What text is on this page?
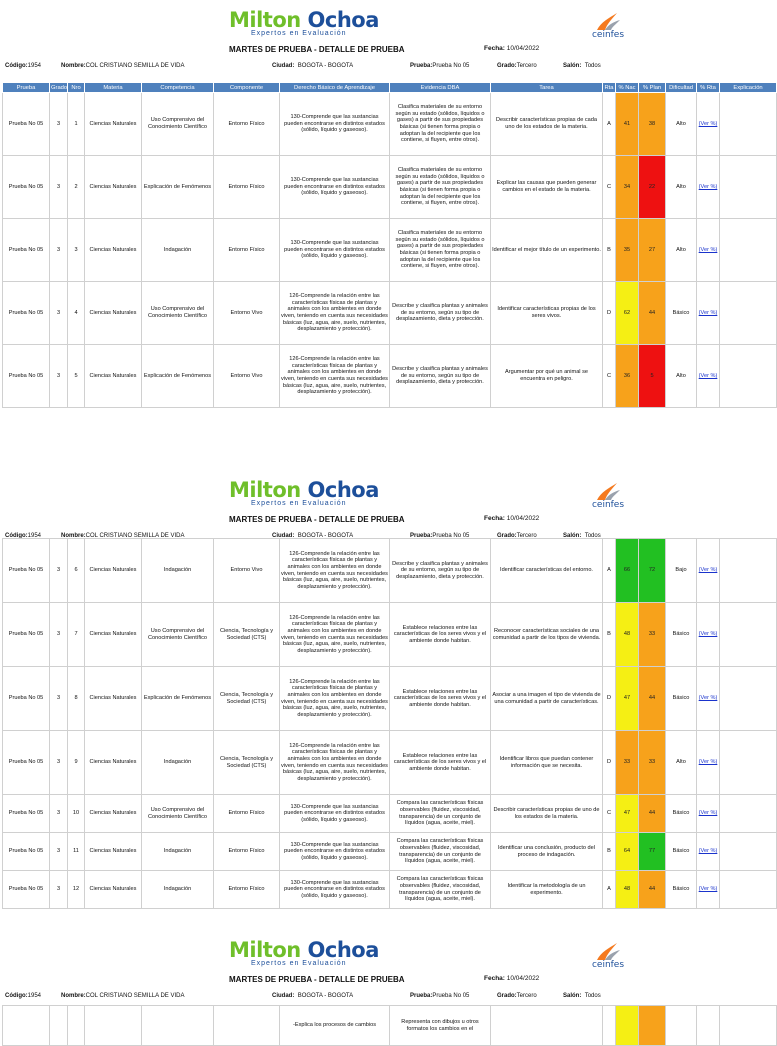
Milton Ochoa
Expertos en Evaluación	ceinfes
MARTES DE PRUEBA - DETALLE DE PRUEBA	Fecha: 10/04/2022
Código: 1954	Nombre: COL CRISTIANO SEMILLA DE VIDA	Ciudad: BOGOTA - BOGOTA	Prueba: Prueba No 05	Grado: Tercero	Salón: Todos
Prueba	Grado	Nro	Materia	Competencia	Componente	Derecho Básico de Aprendizaje	Evidencia DBA	Tarea	Rta	% Nac	% Plan	Dificultad	% Rta	Explicación
Prueba No 05	3	1	Ciencias Naturales	Uso Comprensivo del Conocimiento Científico	Entorno Físico	130-Comprende que las sustancias pueden encontrarse en distintos estados (sólido, líquido y gaseoso).	Clasifica materiales de su entorno según su estado (sólidos, líquidos o gases) a partir de sus propiedades básicas (si tienen forma propia o adoptan la del recipiente que los contiene, si fluyen, entre otros).	Describir características propias de cada uno de los estados de la materia.	A	41	38	Alto	(Ver %)	
Prueba No 05	3	2	Ciencias Naturales	Explicación de Fenómenos	Entorno Físico	130-Comprende que las sustancias pueden encontrarse en distintos estados (sólido, líquido y gaseoso).	Clasifica materiales de su entorno según su estado (sólidos, líquidos o gases) a partir de sus propiedades básicas (si tienen forma propia o adoptan la del recipiente que los contiene, si fluyen, entre otros).	Explicar las causas que pueden generar cambios en el estado de la materia.	C	34	22	Alto	(Ver %)	
Prueba No 05	3	3	Ciencias Naturales	Indagación	Entorno Físico	130-Comprende que las sustancias pueden encontrarse en distintos estados (sólido, líquido y gaseoso).	Clasifica materiales de su entorno según su estado (sólidos, líquidos o gases) a partir de sus propiedades básicas (si tienen forma propia o adoptan la del recipiente que los contiene, si fluyen, entre otros).	Identificar el mejor título de un experimento.	B	35	27	Alto	(Ver %)	
Prueba No 05	3	4	Ciencias Naturales	Uso Comprensivo del Conocimiento Científico	Entorno Vivo	126-Comprende la relación entre las características físicas de plantas y animales con los ambientes en donde viven, teniendo en cuenta sus necesidades básicas (luz, agua, aire, suelo, nutrientes, desplazamiento y protección).	Describe y clasifica plantas y animales de su entorno, según su tipo de desplazamiento, dieta y protección.	Identificar características propias de los seres vivos.	D	62	44	Básico	(Ver %)	
Prueba No 05	3	5	Ciencias Naturales	Explicación de Fenómenos	Entorno Vivo	126-Comprende la relación entre las características físicas de plantas y animales con los ambientes en donde viven, teniendo en cuenta sus necesidades básicas (luz, agua, aire, suelo, nutrientes, desplazamiento y protección).	Describe y clasifica plantas y animales de su entorno, según su tipo de desplazamiento, dieta y protección.	Argumentar por qué un animal se encuentra en peligro.	C	36	5	Alto	(Ver %)	
Milton Ochoa
Expertos en Evaluación	ceinfes
MARTES DE PRUEBA - DETALLE DE PRUEBA	Fecha: 10/04/2022
Código: 1954	Nombre: COL CRISTIANO SEMILLA DE VIDA	Ciudad: BOGOTA - BOGOTA	Prueba: Prueba No 05	Grado: Tercero	Salón: Todos
Prueba No 05	3	6	Ciencias Naturales	Indagación	Entorno Vivo	126-Comprende la relación entre las características físicas de plantas y animales con los ambientes en donde viven, teniendo en cuenta sus necesidades básicas (luz, agua, aire, suelo, nutrientes, desplazamiento y protección).	Describe y clasifica plantas y animales de su entorno, según su tipo de desplazamiento, dieta y protección.	Identificar características del entorno.	A	66	72	Bajo	(Ver %)	
Prueba No 05	3	7	Ciencias Naturales	Uso Comprensivo del Conocimiento Científico	Ciencia, Tecnología y Sociedad (CTS)	126-Comprende la relación entre las características físicas de plantas y animales con los ambientes en donde viven, teniendo en cuenta sus necesidades básicas (luz, agua, aire, suelo, nutrientes, desplazamiento y protección).	Establece relaciones entre las características de los seres vivos y el ambiente donde habitan.	Reconocer características sociales de una comunidad a partir de los tipos de vivienda.	B	48	33	Básico	(Ver %)	
Prueba No 05	3	8	Ciencias Naturales	Explicación de Fenómenos	Ciencia, Tecnología y Sociedad (CTS)	126-Comprende la relación entre las características físicas de plantas y animales con los ambientes en donde viven, teniendo en cuenta sus necesidades básicas (luz, agua, aire, suelo, nutrientes, desplazamiento y protección).	Establece relaciones entre las características de los seres vivos y el ambiente donde habitan.	Asociar a una imagen el tipo de vivienda de una comunidad a partir de características.	D	47	44	Básico	(Ver %)	
Prueba No 05	3	9	Ciencias Naturales	Indagación	Ciencia, Tecnología y Sociedad (CTS)	126-Comprende la relación entre las características físicas de plantas y animales con los ambientes en donde viven, teniendo en cuenta sus necesidades básicas (luz, agua, aire, suelo, nutrientes, desplazamiento y protección).	Establece relaciones entre las características de los seres vivos y el ambiente donde habitan.	Identificar libros que puedan contener información que se necesita.	D	33	33	Alto	(Ver %)	
Prueba No 05	3	10	Ciencias Naturales	Uso Comprensivo del Conocimiento Científico	Entorno Físico	130-Comprende que las sustancias pueden encontrarse en distintos estados (sólido, líquido y gaseoso).	Compara las características físicas observables (fluidez, viscosidad, transparencia) de un conjunto de líquidos (agua, aceite, miel).	Describir características propias de uno de los estados de la materia.	C	47	44	Básico	(Ver %)	
Prueba No 05	3	11	Ciencias Naturales	Indagación	Entorno Físico	130-Comprende que las sustancias pueden encontrarse en distintos estados (sólido, líquido y gaseoso).	Compara las características físicas observables (fluidez, viscosidad, transparencia) de un conjunto de líquidos (agua, aceite, miel).	Identificar una conclusión, producto del proceso de indagación.	B	64	77	Básico	(Ver %)	
Prueba No 05	3	12	Ciencias Naturales	Indagación	Entorno Físico	130-Comprende que las sustancias pueden encontrarse en distintos estados (sólido, líquido y gaseoso).	Compara las características físicas observables (fluidez, viscosidad, transparencia) de un conjunto de líquidos (agua, aceite, miel).	Identificar la metodología de un experimento.	A	48	44	Básico	(Ver %)	
Milton Ochoa
Expertos en Evaluación	ceinfes
MARTES DE PRUEBA - DETALLE DE PRUEBA	Fecha: 10/04/2022
Código: 1954	Nombre: COL CRISTIANO SEMILLA DE VIDA	Ciudad: BOGOTA - BOGOTA	Prueba: Prueba No 05	Grado: Tercero	Salón: Todos
						-Explica los procesos de cambios	Representa con dibujos u otros formatos los cambios en el							
